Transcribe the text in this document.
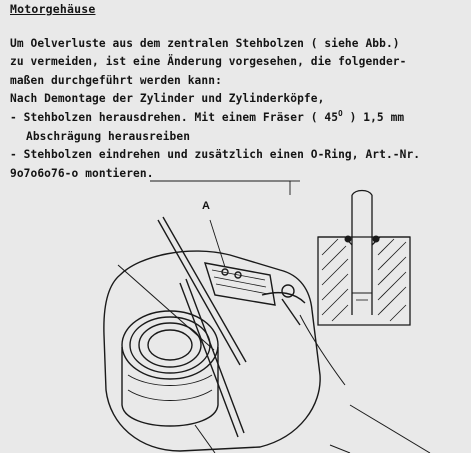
Motorgehäuse
Um Oelverluste aus dem zentralen Stehbolzen ( siehe Abb.)
zu vermeiden, ist eine Änderung vorgesehen, die folgender-
maßen durchgeführt werden kann:
Nach Demontage der Zylinder und Zylinderköpfe,
- Stehbolzen herausdrehen. Mit einem Fräser ( $45^O$ ) 1,5 mm
Abschrägung herausreiben
- Stehbolzen eindrehen und zusätzlich einen O-Ring, Art.-Nr.
9o7o6o76-o montieren.
A
